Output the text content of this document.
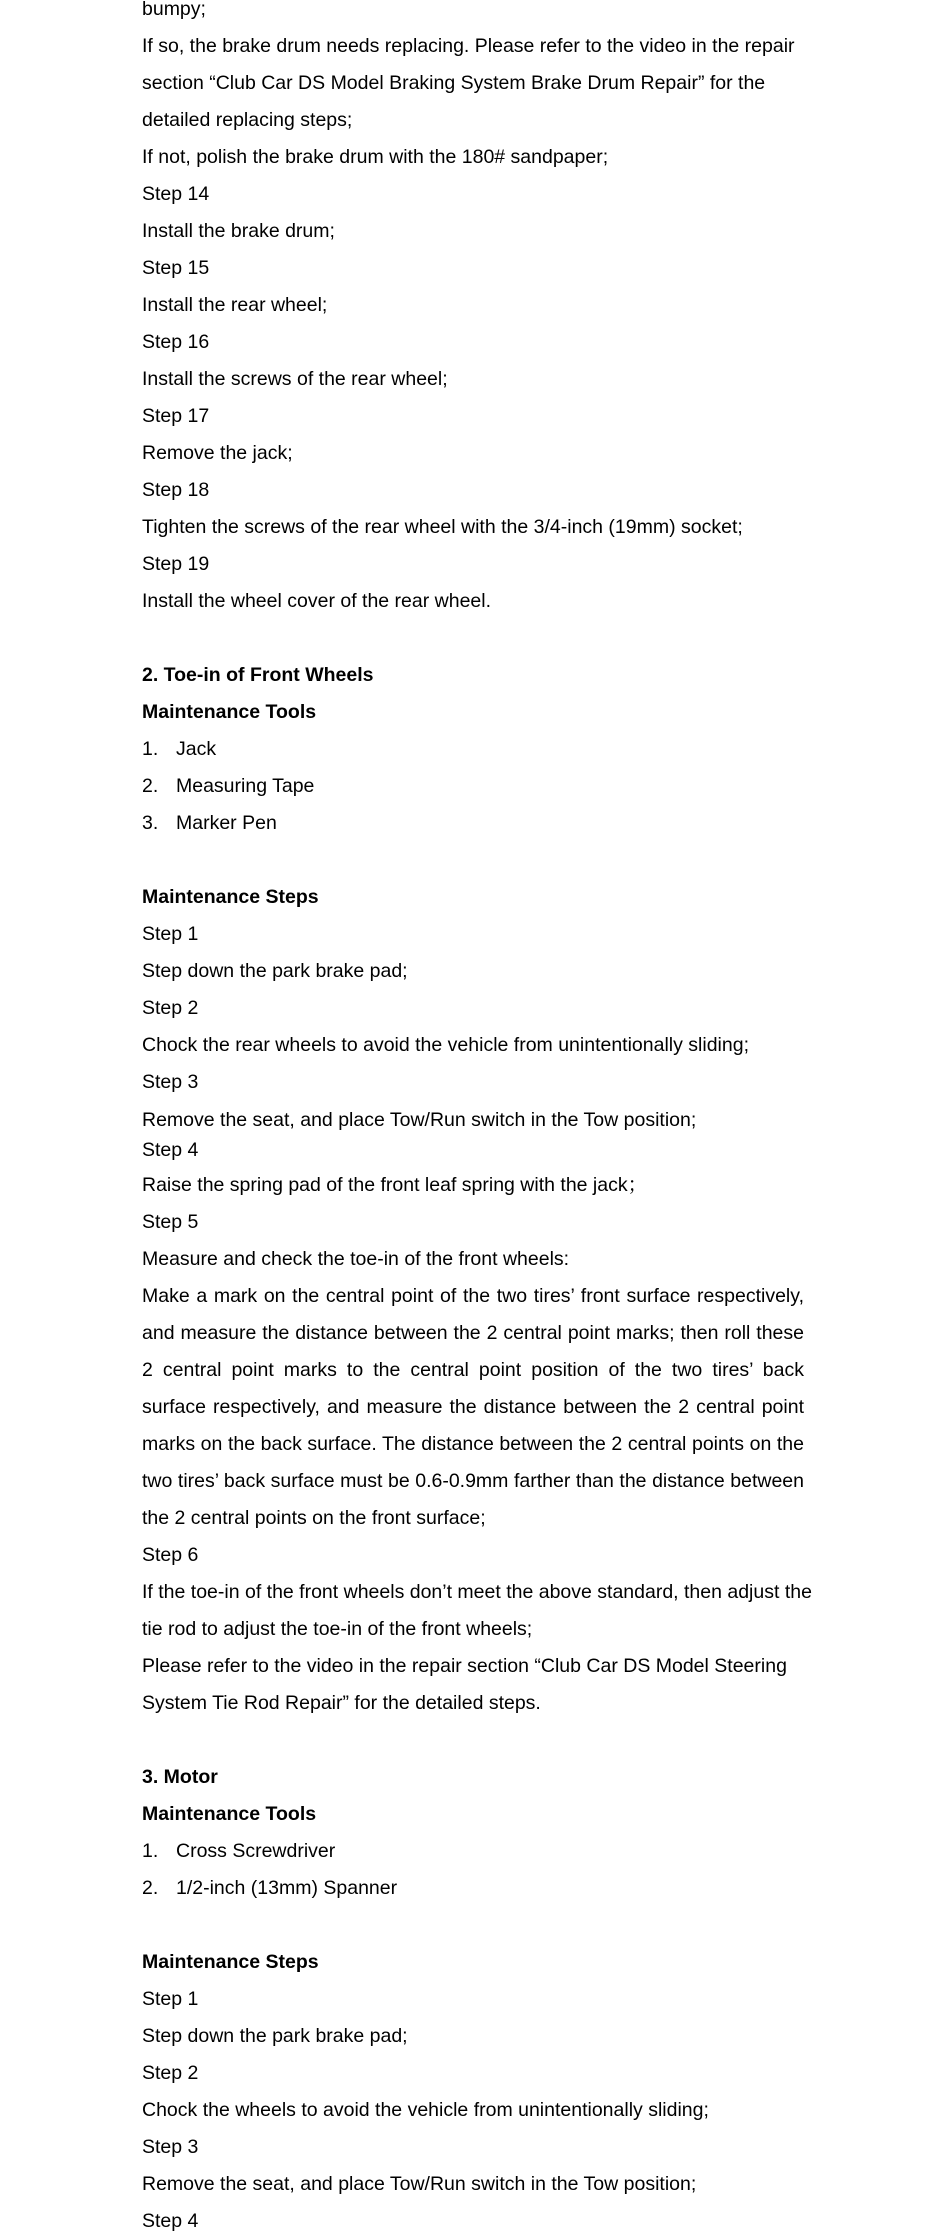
bumpy;
If so, the brake drum needs replacing. Please refer to the video in the repair
section “Club Car DS Model Braking System Brake Drum Repair” for the
detailed replacing steps;
If not, polish the brake drum with the 180# sandpaper;
Step 14
Install the brake drum;
Step 15
Install the rear wheel;
Step 16
Install the screws of the rear wheel;
Step 17
Remove the jack;
Step 18
Tighten the screws of the rear wheel with the 3/4-inch (19mm) socket;
Step 19
Install the wheel cover of the rear wheel.
2. Toe-in of Front Wheels
Maintenance Tools
1. Jack
2. Measuring Tape
3. Marker Pen
Maintenance Steps
Step 1
Step down the park brake pad;
Step 2
Chock the rear wheels to avoid the vehicle from unintentionally sliding;
Step 3
Remove the seat, and place Tow/Run switch in the Tow position;
Step 4
Raise the spring pad of the front leaf spring with the jack；
Step 5
Measure and check the toe-in of the front wheels:
Make a mark on the central point of the two tires’ front surface respectively, and measure the distance between the 2 central point marks; then roll these 2 central point marks to the central point position of the two tires’ back surface respectively, and measure the distance between the 2 central point marks on the back surface. The distance between the 2 central points on the two tires’ back surface must be 0.6-0.9mm farther than the distance between the 2 central points on the front surface;
Step 6
If the toe-in of the front wheels don’t meet the above standard, then adjust the
tie rod to adjust the toe-in of the front wheels;
Please refer to the video in the repair section “Club Car DS Model Steering
System Tie Rod Repair” for the detailed steps.
3. Motor
Maintenance Tools
1. Cross Screwdriver
2. 1/2-inch (13mm) Spanner
Maintenance Steps
Step 1
Step down the park brake pad;
Step 2
Chock the wheels to avoid the vehicle from unintentionally sliding;
Step 3
Remove the seat, and place Tow/Run switch in the Tow position;
Step 4
